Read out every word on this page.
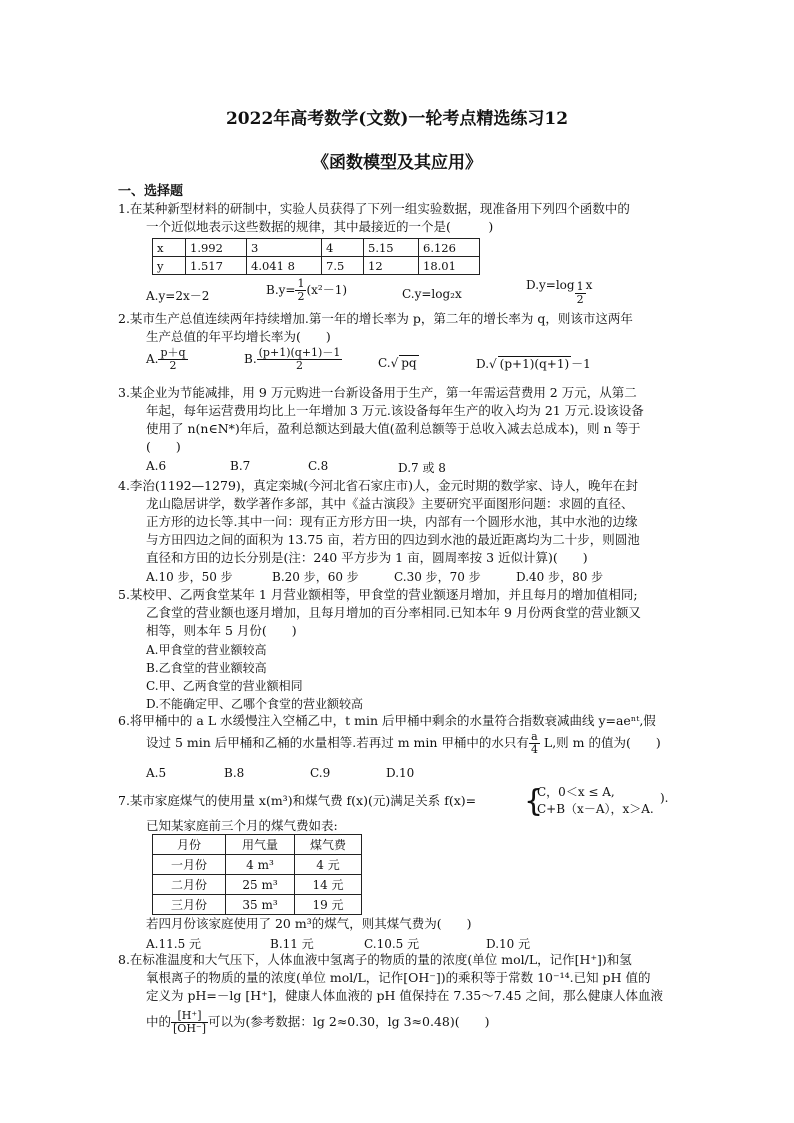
2022年高考数学(文数)一轮考点精选练习12
《函数模型及其应用》
一、选择题
1.在某种新型材料的研制中，实验人员获得了下列一组实验数据，现准备用下列四个函数中的
一个近似地表示这些数据的规律，其中最接近的一个是(　　　)
x	1.992	3	4	5.15	6.126
y	1.517	4.041 8	7.5	12	18.01
A.y=2x－2	$B.y= \frac{1}{2} (x^2-1)$	C.y=log₂x
$D.y=\log \frac{1}{2}$ x
2.某市生产总值连续两年持续增加.第一年的增长率为 p，第二年的增长率为 q，则该市这两年
生产总值的年平均增长率为(　　)
A. $\frac{p+q}{2}$	B. $\frac{(p+1)(q+1)-1}{2}$	C.√ pq	D.√ (p+1)(q+1) －1
3.某企业为节能减排，用 9 万元购进一台新设备用于生产，第一年需运营费用 2 万元，从第二
年起，每年运营费用均比上一年增加 3 万元.该设备每年生产的收入均为 21 万元.设该设备
使用了 n(n∈N*)年后，盈利总额达到最大值(盈利总额等于总收入减去总成本)，则 n 等于
(　　)
A.6	B.7	C.8	D.7 或 8
4.李治(1192—1279)，真定栾城(今河北省石家庄市)人，金元时期的数学家、诗人，晚年在封
龙山隐居讲学，数学著作多部，其中《益古演段》主要研究平面图形问题：求圆的直径、
正方形的边长等.其中一问：现有正方形方田一块，内部有一个圆形水池，其中水池的边缘
与方田四边之间的面积为 13.75 亩，若方田的四边到水池的最近距离均为二十步，则圆池
直径和方田的边长分别是(注：240 平方步为 1 亩，圆周率按 3 近似计算)(　　)
A.10 步，50 步	B.20 步，60 步	C.30 步，70 步	D.40 步，80 步
5.某校甲、乙两食堂某年 1 月营业额相等，甲食堂的营业额逐月增加，并且每月的增加值相同;
乙食堂的营业额也逐月增加，且每月增加的百分率相同.已知本年 9 月份两食堂的营业额又
相等，则本年 5 月份(　　)
A.甲食堂的营业额较高
B.乙食堂的营业额较高
C.甲、乙两食堂的营业额相同
D.不能确定甲、乙哪个食堂的营业额较高
6.将甲桶中的 a L 水缓慢注入空桶乙中，t min 后甲桶中剩余的水量符合指数衰减曲线 y=aeⁿᵗ,假
设过 5 min 后甲桶和乙桶的水量相等.若再过 m min 甲桶中的水只有 $\frac{a}{4} L$,则 m 的值为(　　)
A.5	B.8	C.9	D.10
7.某市家庭煤气的使用量 x(m³)和煤气费 f(x)(元)满足关系 f(x)= {
C，0＜x ≤ A,
C+B（x－A），x＞A.
).
已知某家庭前三个月的煤气费如表:
月份	用气量	煤气费
一月份	4 m³	4 元
二月份	25 m³	14 元
三月份	35 m³	19 元
若四月份该家庭使用了 20 m³的煤气，则其煤气费为(　　)
A.11.5 元	B.11 元	C.10.5 元	D.10 元
8.在标准温度和大气压下，人体血液中氢离子的物质的量的浓度(单位 mol/L，记作[H⁺])和氢
氧根离子的物质的量的浓度(单位 mol/L，记作[OH⁻])的乘积等于常数 10⁻¹⁴.已知 pH 值的
定义为 pH=－lg [H⁺]，健康人体血液的 pH 值保持在 7.35～7.45 之间，那么健康人体血液
中的 $\frac{[H^+]}{[OH^-]}$ 可以为(参考数据：lg 2≈0.30，lg 3≈0.48)(　　)
